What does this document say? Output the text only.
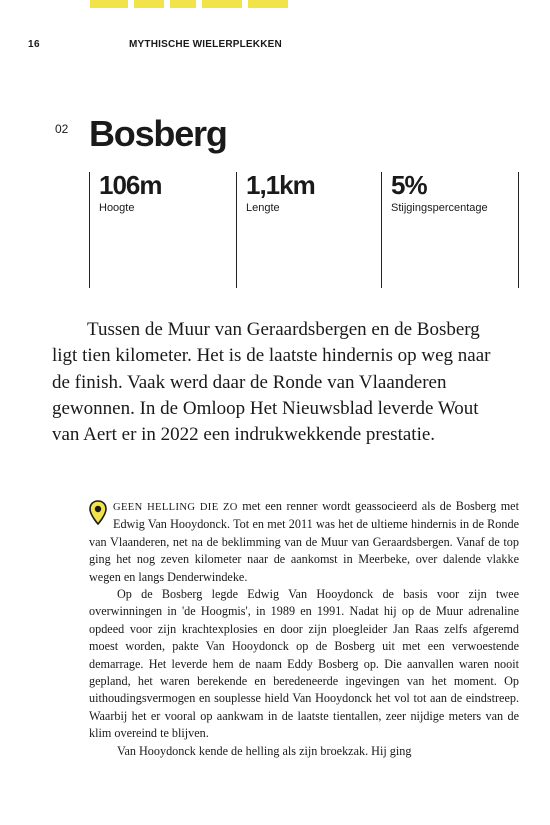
16	MYTHISCHE WIELERPLEKKEN
02 Bosberg
106m
Hoogte
1,1km
Lengte
5%
Stijgingspercentage

Tussen de Muur van Geraardsbergen en de Bosberg ligt tien kilometer. Het is de laatste hindernis op weg naar de finish. Vaak werd daar de Ronde van Vlaanderen gewonnen. In de Omloop Het Nieuwsblad leverde Wout van Aert er in 2022 een indrukwekkende prestatie.

GEEN HELLING DIE ZO met een renner wordt geassocieerd als de Bosberg met Edwig Van Hooydonck. Tot en met 2011 was het de ultieme hindernis in de Ronde van Vlaanderen, net na de beklimming van de Muur van Geraardsbergen. Vanaf de top ging het nog zeven kilometer naar de aankomst in Meerbeke, over dalende vlakke wegen en langs Denderwindeke.

Op de Bosberg legde Edwig Van Hooydonck de basis voor zijn twee overwinningen in 'de Hoogmis', in 1989 en 1991. Nadat hij op de Muur adrenaline opdeed voor zijn krachtexplosies en door zijn ploegleider Jan Raas zelfs afgeremd moest worden, pakte Van Hooydonck op de Bosberg uit met een verwoestende demarrage. Het leverde hem de naam Eddy Bosberg op. Die aanvallen waren nooit gepland, het waren berekende en beredeneerde ingevingen van het moment. Op uithoudingsvermogen en souplesse hield Van Hooydonck het vol tot aan de eindstreep. Waarbij het er vooral op aankwam in de laatste tientallen, zeer nijdige meters van de klim overeind te blijven.

Van Hooydonck kende de helling als zijn broekzak. Hij ging
